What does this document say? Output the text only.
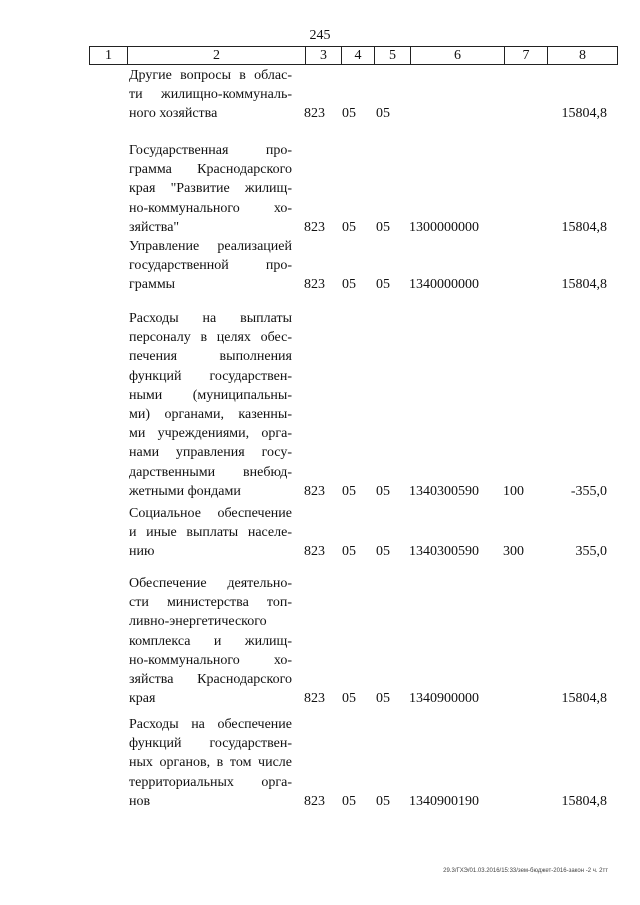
245
1	2	3	4	5	6	7	8
Другие вопросы в облас-
ти жилищно-коммуналь-
ного хозяйства	823 05 05	15804,8
Государственная про-
грамма Краснодарского
края "Развитие жилищ-
но-коммунального хо-
зяйства"	823 05 05 1300000000	15804,8
Управление реализацией
государственной про-
граммы	823 05 05 1340000000	15804,8
Расходы на выплаты
персоналу в целях обес-
печения выполнения
функций государствен-
ными (муниципальны-
ми) органами, казенны-
ми учреждениями, орга-
нами управления госу-
дарственными внебюд-
жетными фондами	823 05 05 1340300590 100	-355,0
Социальное обеспечение
и иные выплаты населе-
нию	823 05 05 1340300590 300	355,0
Обеспечение деятельно-
сти министерства топ-
ливно-энергетического
комплекса и жилищ-
но-коммунального хо-
зяйства Краснодарского
края	823 05 05 1340900000	15804,8
Расходы на обеспечение
функций государствен-
ных органов, в том числе
территориальных орга-
нов	823 05 05 1340900190	15804,8
29.3/ГХЭ/01.03.2016/15:33/зем-бюджет-2016-закон -2 ч. 2тт
